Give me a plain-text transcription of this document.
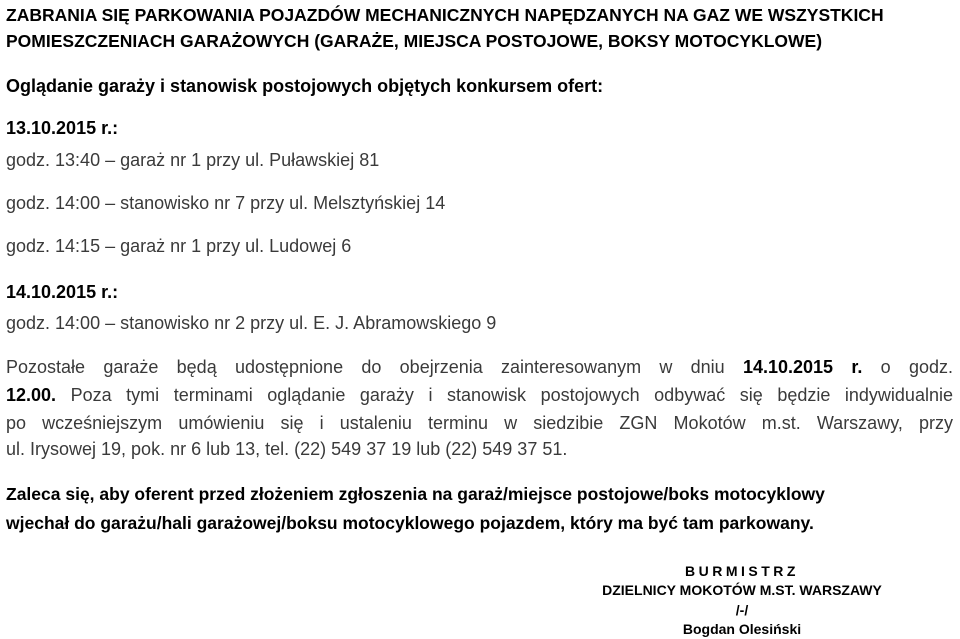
ZABRANIA SIĘ PARKOWANIA POJAZDÓW MECHANICZNYCH NAPĘDZANYCH NA GAZ WE WSZYSTKICH
POMIESZCZENIACH GARAŻOWYCH (GARAŻE, MIEJSCA POSTOJOWE, BOKSY MOTOCYKLOWE)
Oglądanie garaży i stanowisk postojowych objętych konkursem ofert:
13.10.2015 r.:
godz. 13:40 – garaż nr 1 przy ul. Puławskiej 81
godz. 14:00 – stanowisko nr 7 przy ul. Melsztyńskiej 14
godz. 14:15 – garaż nr 1 przy ul. Ludowej 6
14.10.2015 r.:
godz. 14:00 – stanowisko nr 2 przy ul. E. J. Abramowskiego 9
Pozostałe garaże będą udostępnione do obejrzenia zainteresowanym w dniu 14.10.2015 r. o godz.
12.00. Poza tymi terminami oglądanie garaży i stanowisk postojowych odbywać się będzie indywidualnie
po wcześniejszym umówieniu się i ustaleniu terminu w siedzibie ZGN Mokotów m.st. Warszawy, przy
ul. Irysowej 19, pok. nr 6 lub 13, tel. (22) 549 37 19 lub (22) 549 37 51.
Zaleca się, aby oferent przed złożeniem zgłoszenia na garaż/miejsce postojowe/boks motocyklowy
wjechał do garażu/hali garażowej/boksu motocyklowego pojazdem, który ma być tam parkowany.
BURMISTRZ
DZIELNICY MOKOTÓW M.ST. WARSZAWY
/-/
Bogdan Olesiński
